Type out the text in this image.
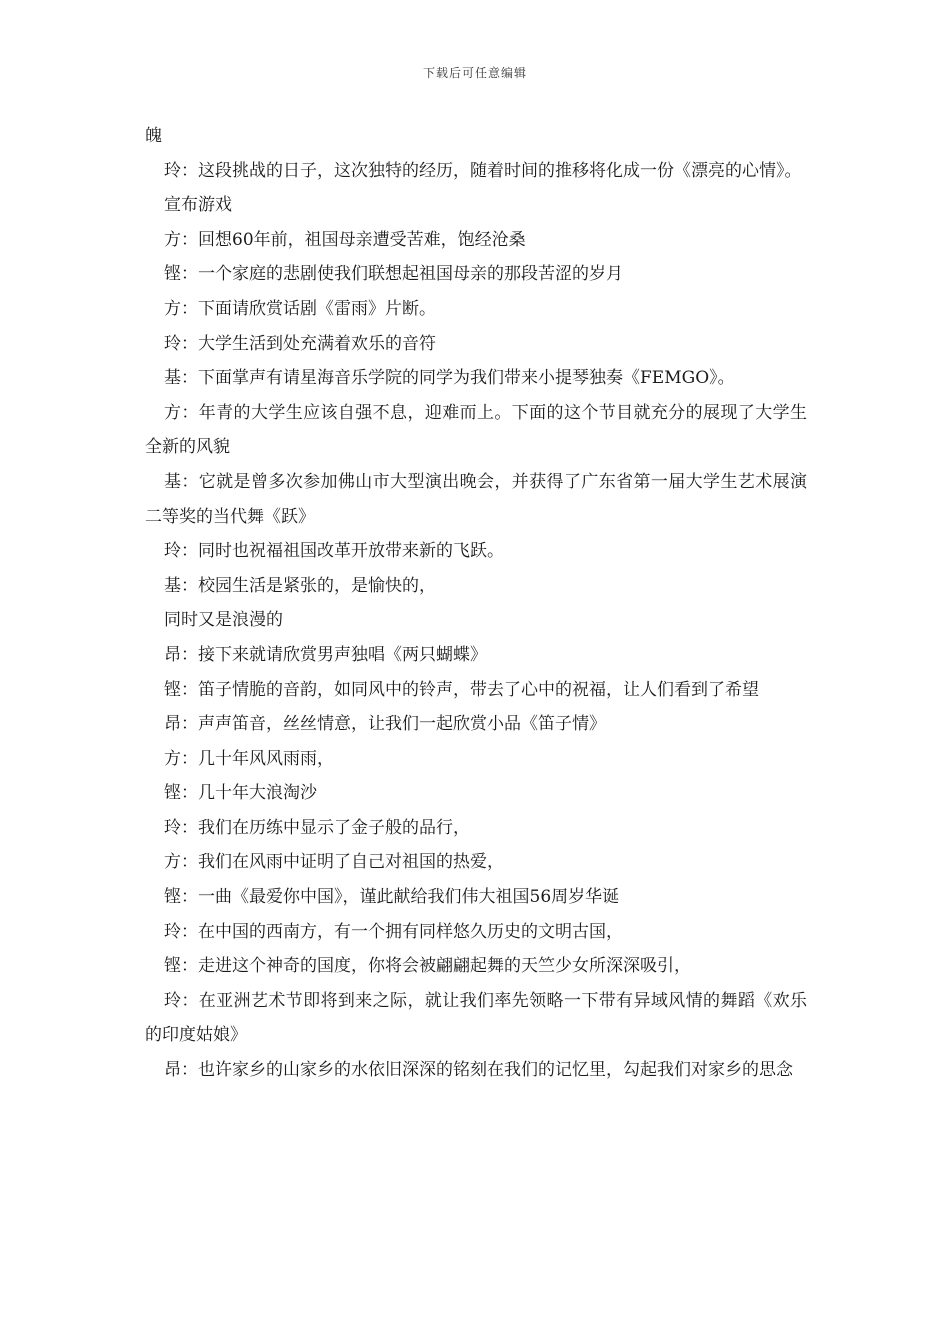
下载后可任意编辑

魄

玲：这段挑战的日子，这次独特的经历，随着时间的推移将化成一份《漂亮的心情》。

宣布游戏

方：回想60年前，祖国母亲遭受苦难，饱经沧桑

铿：一个家庭的悲剧使我们联想起祖国母亲的那段苦涩的岁月

方：下面请欣赏话剧《雷雨》片断。

玲：大学生活到处充满着欢乐的音符

基：下面掌声有请星海音乐学院的同学为我们带来小提琴独奏《FEMGO》。

方：年青的大学生应该自强不息，迎难而上。下面的这个节目就充分的展现了大学生全新的风貌

基：它就是曾多次参加佛山市大型演出晚会，并获得了广东省第一届大学生艺术展演二等奖的当代舞《跃》

玲：同时也祝福祖国改革开放带来新的飞跃。

基：校园生活是紧张的，是愉快的，

同时又是浪漫的

昂：接下来就请欣赏男声独唱《两只蝴蝶》

铿：笛子情脆的音韵，如同风中的铃声，带去了心中的祝福，让人们看到了希望

昂：声声笛音，丝丝情意，让我们一起欣赏小品《笛子情》

方：几十年风风雨雨，

铿：几十年大浪淘沙

玲：我们在历练中显示了金子般的品行，

方：我们在风雨中证明了自己对祖国的热爱，

铿：一曲《最爱你中国》，谨此献给我们伟大祖国56周岁华诞

玲：在中国的西南方，有一个拥有同样悠久历史的文明古国，

铿：走进这个神奇的国度，你将会被翩翩起舞的天竺少女所深深吸引，

玲：在亚洲艺术节即将到来之际，就让我们率先领略一下带有异域风情的舞蹈《欢乐的印度姑娘》

昂：也许家乡的山家乡的水依旧深深的铭刻在我们的记忆里，勾起我们对家乡的思念
